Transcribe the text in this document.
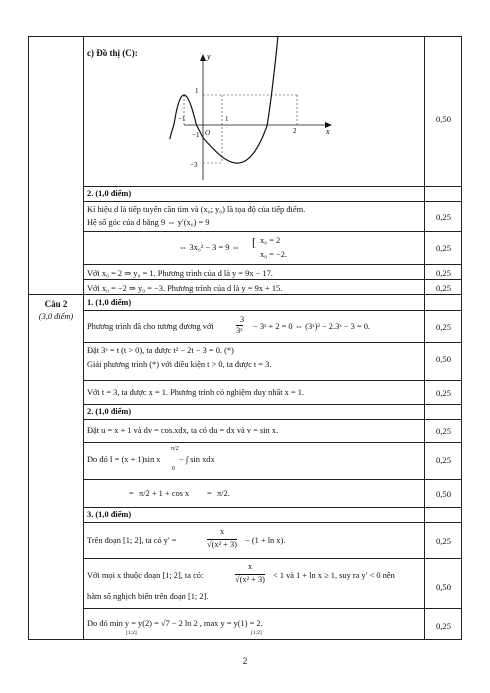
c) Đồ thị (C):	y
x
O
1
−1
−3
−1	1
2
0,50
2. (1,0 điểm)
Kí hiệu d là tiếp tuyến cần tìm và (x₀; y₀) là tọa độ của tiếp điểm.
Hệ số góc của d bằng 9 ⇔ y′(x₀) = 9
0,25
⇔ 3x₀² − 3 = 9 ⇔ [ x₀ = 2
x₀ = −2.
0,25
Với x₀ = 2 ⇒ y₀ = 1. Phương trình của d là y = 9x − 17.	0,25
Với x₀ = −2 ⇒ y₀ = −3. Phương trình của d là y = 9x + 15.	0,25
Câu 2
(3,0 điểm)
1. (1,0 điểm)
Phương trình đã cho tương đương với
3
3ˣ − 3ˣ + 2 = 0 ⇔ (3ˣ)² − 2.3ˣ − 3 = 0.	0,25
Đặt 3ˣ = t (t > 0), ta được t² − 2t − 3 = 0. (*)
Giải phương trình (*) với điều kiện t > 0, ta được t = 3.
0,50
Với t = 3, ta được x = 1. Phương trình có nghiệm duy nhất x = 1.	0,25
2. (1,0 điểm)
Đặt u = x + 1 và dv = cos.xdx, ta có du = dx và v = sin x.	0,25
Do đó I = (x + 1)sin x
π/2
0
− ∫ sin xdx	0,25
= π/2 + 1 + cos x = π/2.	0,50
3. (1,0 điểm)
Trên đoạn [1; 2], ta có y′ =
x
√(x² + 3) − (1 + ln x).	0,25
Với mọi x thuộc đoạn [1; 2], ta có:
x
√(x² + 3) < 1 và 1 + ln x ≥ 1, suy ra y′ < 0 nên
hàm số nghịch biến trên đoạn [1; 2].
0,50
Do đó min y = y(2) = √7 − 2 ln 2 , max y = y(1) = 2.
[1;2]	[1;2]
0,25
2
